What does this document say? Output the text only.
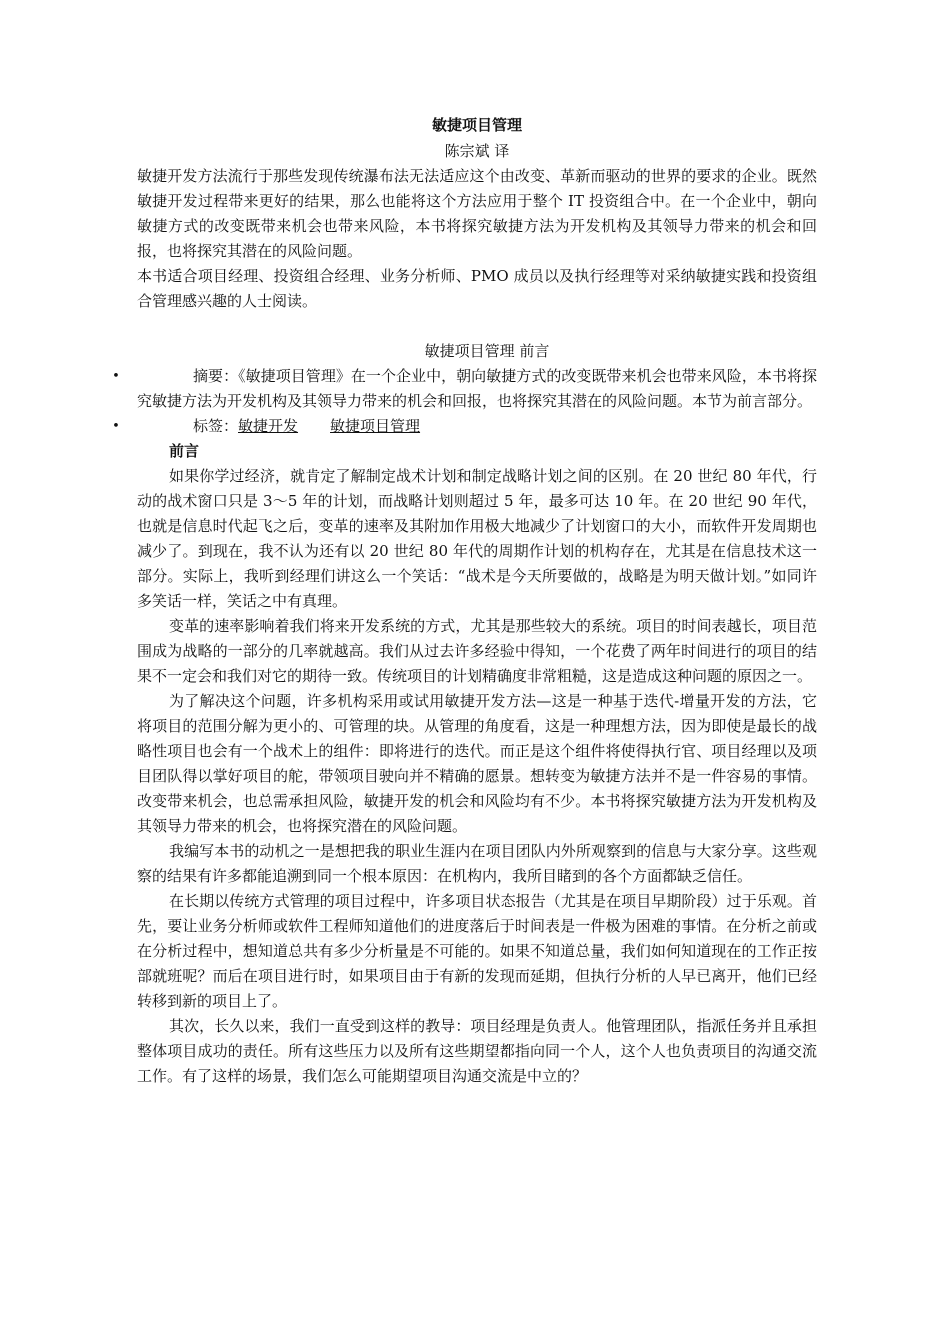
敏捷项目管理

陈宗斌 译

敏捷开发方法流行于那些发现传统瀑布法无法适应这个由改变、革新而驱动的世界的要求的企业。既然敏捷开发过程带来更好的结果，那么也能将这个方法应用于整个 IT 投资组合中。在一个企业中，朝向敏捷方式的改变既带来机会也带来风险，本书将探究敏捷方法为开发机构及其领导力带来的机会和回报，也将探究其潜在的风险问题。

本书适合项目经理、投资组合经理、业务分析师、PMO 成员以及执行经理等对采纳敏捷实践和投资组合管理感兴趣的人士阅读。

敏捷项目管理 前言

•	摘要：《敏捷项目管理》在一个企业中，朝向敏捷方式的改变既带来机会也带来风险，本书将探究敏捷方法为开发机构及其领导力带来的机会和回报，也将探究其潜在的风险问题。本节为前言部分。

•	标签：敏捷开发 敏捷项目管理

前言

如果你学过经济，就肯定了解制定战术计划和制定战略计划之间的区别。在 20 世纪 80 年代，行动的战术窗口只是 3～5 年的计划，而战略计划则超过 5 年，最多可达 10 年。在 20 世纪 90 年代，也就是信息时代起飞之后，变革的速率及其附加作用极大地减少了计划窗口的大小，而软件开发周期也减少了。到现在，我不认为还有以 20 世纪 80 年代的周期作计划的机构存在，尤其是在信息技术这一部分。实际上，我听到经理们讲这么一个笑话：“战术是今天所要做的，战略是为明天做计划。”如同许多笑话一样，笑话之中有真理。

变革的速率影响着我们将来开发系统的方式，尤其是那些较大的系统。项目的时间表越长，项目范围成为战略的一部分的几率就越高。我们从过去许多经验中得知，一个花费了两年时间进行的项目的结果不一定会和我们对它的期待一致。传统项目的计划精确度非常粗糙，这是造成这种问题的原因之一。

为了解决这个问题，许多机构采用或试用敏捷开发方法—这是一种基于迭代-增量开发的方法，它将项目的范围分解为更小的、可管理的块。从管理的角度看，这是一种理想方法，因为即使是最长的战略性项目也会有一个战术上的组件：即将进行的迭代。而正是这个组件将使得执行官、项目经理以及项目团队得以掌好项目的舵，带领项目驶向并不精确的愿景。想转变为敏捷方法并不是一件容易的事情。改变带来机会，也总需承担风险，敏捷开发的机会和风险均有不少。本书将探究敏捷方法为开发机构及其领导力带来的机会，也将探究潜在的风险问题。

我编写本书的动机之一是想把我的职业生涯内在项目团队内外所观察到的信息与大家分享。这些观察的结果有许多都能追溯到同一个根本原因：在机构内，我所目睹到的各个方面都缺乏信任。

在长期以传统方式管理的项目过程中，许多项目状态报告（尤其是在项目早期阶段）过于乐观。首先，要让业务分析师或软件工程师知道他们的进度落后于时间表是一件极为困难的事情。在分析之前或在分析过程中，想知道总共有多少分析量是不可能的。如果不知道总量，我们如何知道现在的工作正按部就班呢？而后在项目进行时，如果项目由于有新的发现而延期，但执行分析的人早已离开，他们已经转移到新的项目上了。

其次，长久以来，我们一直受到这样的教导：项目经理是负责人。他管理团队，指派任务并且承担整体项目成功的责任。所有这些压力以及所有这些期望都指向同一个人，这个人也负责项目的沟通交流工作。有了这样的场景，我们怎么可能期望项目沟通交流是中立的？
